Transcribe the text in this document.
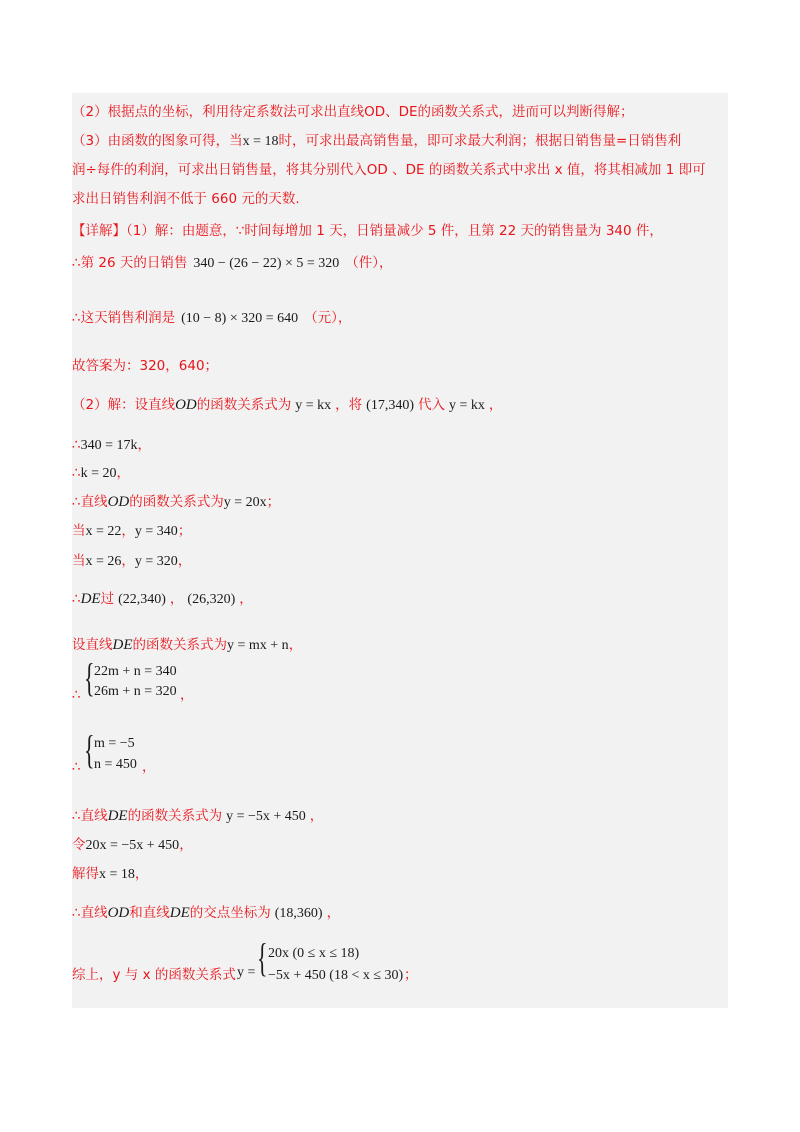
（2）根据点的坐标，利用待定系数法可求出直线OD、DE的函数关系式，进而可以判断得解；
（3）由函数的图象可得，当x = 18时，可求出最高销售量，即可求最大利润；根据日销售量=日销售利
润÷每件的利润，可求出日销售量，将其分别代入OD 、DE 的函数关系式中求出 x 值，将其相减加 1 即可
求出日销售利润不低于 660 元的天数.
【详解】（1）解：由题意，∵时间每增加 1 天，日销量减少 5 件，且第 22 天的销售量为 340 件，
∴第 26 天的日销售 340 − (26 − 22) × 5 = 320 （件），
∴这天销售利润是 (10 − 8) × 320 = 640 （元），
故答案为：320，640；
（2）解：设直线OD的函数关系式为 y = kx ，将 (17,340) 代入 y = kx ，
∴340 = 17k，
∴k = 20，
∴直线OD的函数关系式为y = 20x；
当x = 22，y = 340；
当x = 26，y = 320，
∴DE过 (22,340) ， (26,320) ，
设直线DE的函数关系式为y = mx + n，
∴ { 22m + n = 340
26m + n = 320 ，
∴ { m = −5
n = 450 ，
∴直线DE的函数关系式为 y = −5x + 450 ，
令20x = −5x + 450，
解得x = 18，
∴直线OD和直线DE的交点坐标为 (18,360) ，
综上，y 与 x 的函数关系式 y = { 20x (0 ≤ x ≤ 18)
−5x + 450 (18 < x ≤ 30) ；
